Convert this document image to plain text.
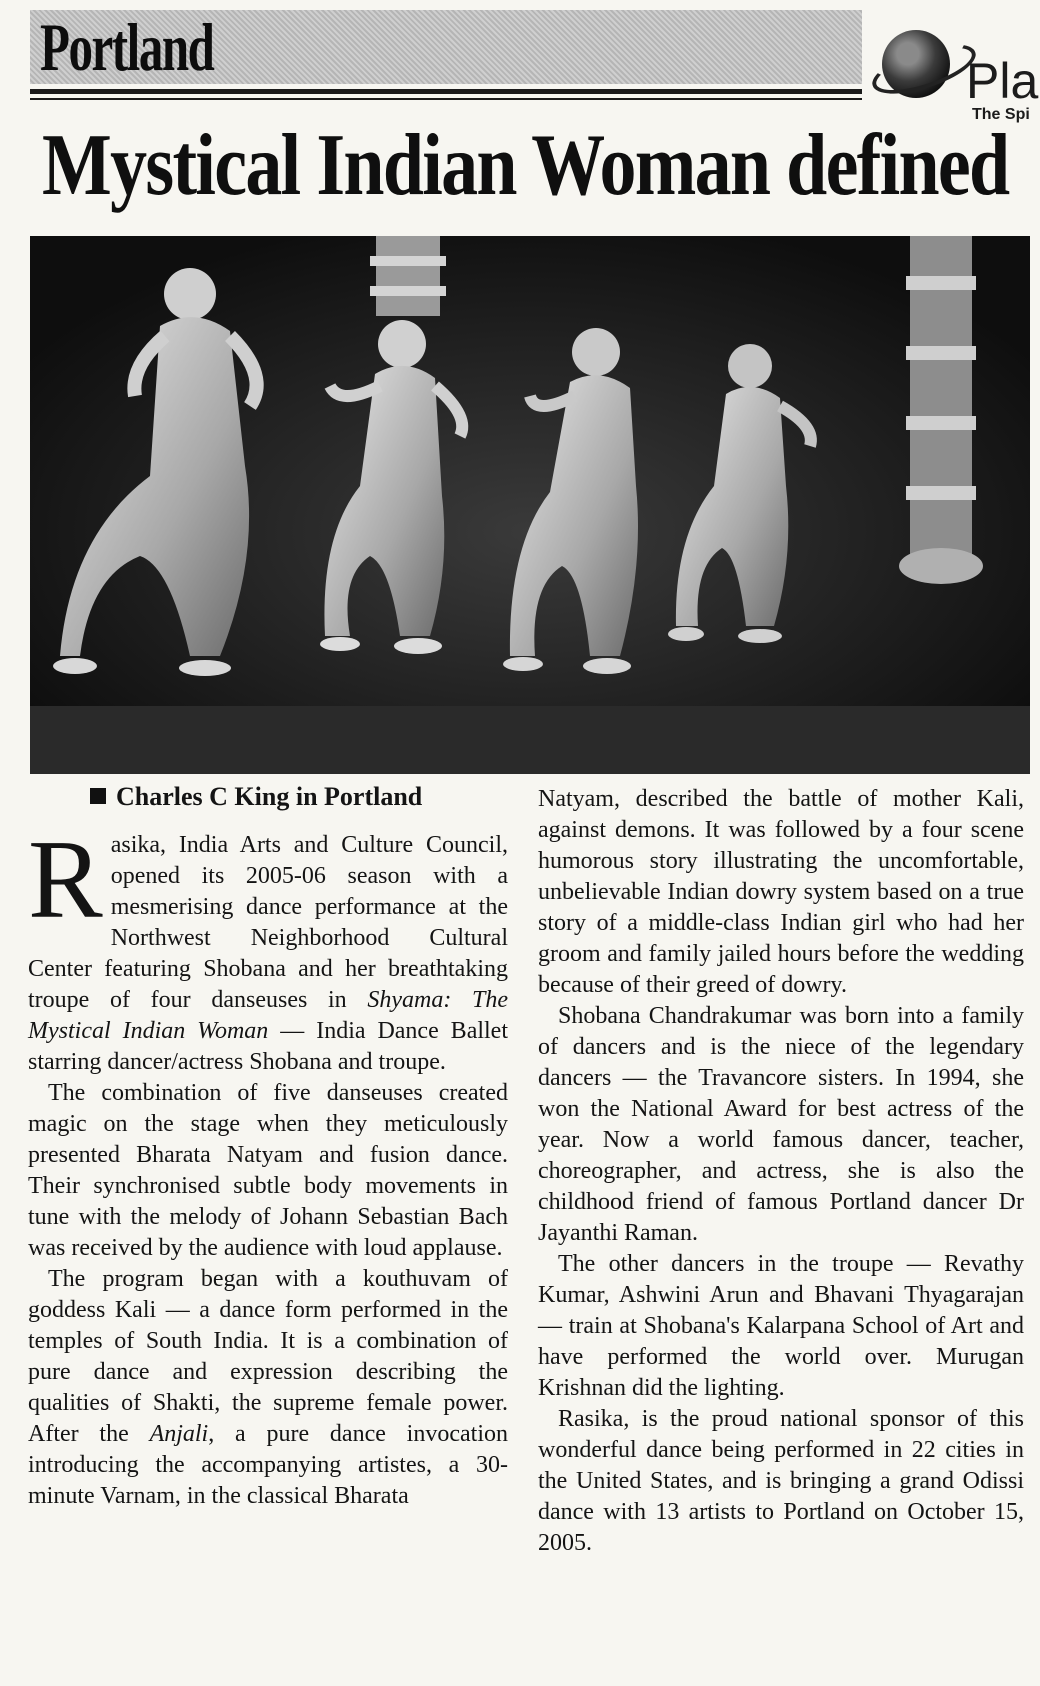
Portland	Pla
The Spi
Mystical Indian Woman defined
Charles C King in Portland

Rasika, India Arts and Culture Council, opened its 2005-06 season with a mesmerising dance performance at the Northwest Neighborhood Cultural Center featuring Shobana and her breathtaking troupe of four danseuses in Shyama: The Mystical Indian Woman — India Dance Ballet starring dancer/actress Shobana and troupe.

The combination of five danseuses created magic on the stage when they meticulously presented Bharata Natyam and fusion dance. Their synchronised subtle body movements in tune with the melody of Johann Sebastian Bach was received by the audience with loud applause.

The program began with a kouthuvam of goddess Kali — a dance form performed in the temples of South India. It is a combination of pure dance and expression describing the qualities of Shakti, the supreme female power. After the Anjali, a pure dance invocation introducing the accompanying artistes, a 30-minute Varnam, in the classical Bharata

Natyam, described the battle of mother Kali, against demons. It was followed by a four scene humorous story illustrating the uncomfortable, unbelievable Indian dowry system based on a true story of a middle-class Indian girl who had her groom and family jailed hours before the wedding because of their greed of dowry.

Shobana Chandrakumar was born into a family of dancers and is the niece of the legendary dancers — the Travancore sisters. In 1994, she won the National Award for best actress of the year. Now a world famous dancer, teacher, choreographer, and actress, she is also the childhood friend of famous Portland dancer Dr Jayanthi Raman.

The other dancers in the troupe — Revathy Kumar, Ashwini Arun and Bhavani Thyagarajan — train at Shobana's Kalarpana School of Art and have performed the world over. Murugan Krishnan did the lighting.

Rasika, is the proud national sponsor of this wonderful dance being performed in 22 cities in the United States, and is bringing a grand Odissi dance with 13 artists to Portland on October 15, 2005.
